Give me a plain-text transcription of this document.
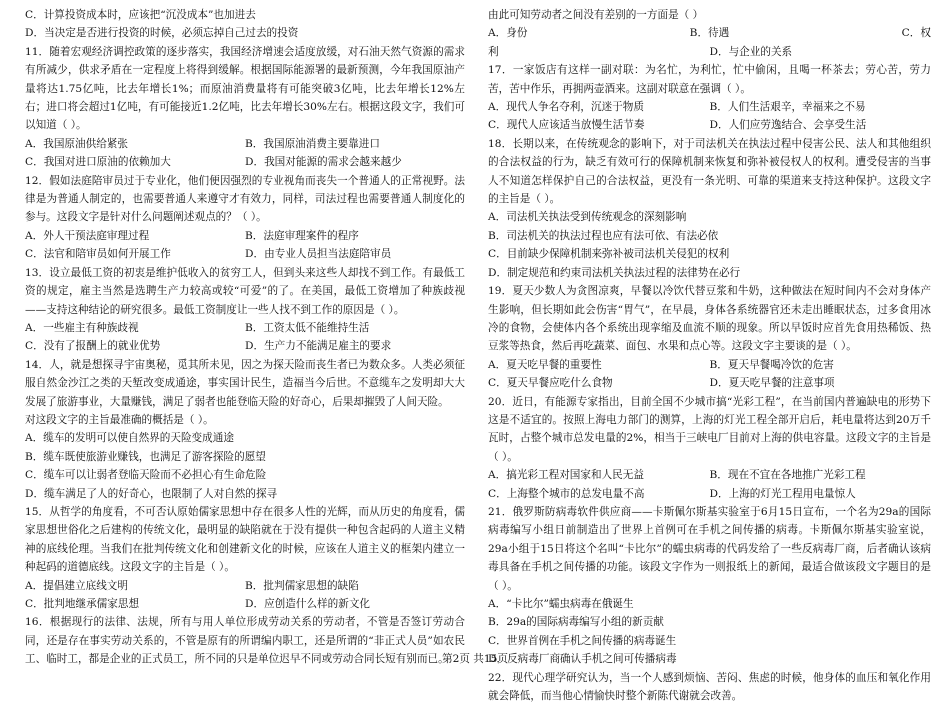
C．计算投资成本时，应该把“沉没成本”也加进去

D．当决定是否进行投资的时候，必须忘掉自己过去的投资

11．随着宏观经济调控政策的逐步落实，我国经济增速会适度放缓，对石油天然气资源的需求有所减少，供求矛盾在一定程度上将得到缓解。根据国际能源署的最新预测，今年我国原油产量将达1.75亿吨，比去年增长1%；而原油消费量将有可能突破3亿吨，比去年增长12%左右；进口将会超过1亿吨，有可能接近1.2亿吨，比去年增长30%左右。根据这段文字，我们可以知道（ ）。

A．我国原油供给紧张	B．我国原油消费主要靠进口
C．我国对进口原油的依赖加大	D．我国对能源的需求会越来越少

12．假如法庭陪审员过于专业化，他们便因强烈的专业视角而丧失一个普通人的正常视野。法律是为普通人制定的，也需要普通人来遵守才有效力，同样，司法过程也需要普通人制度化的参与。这段文字是针对什么问题阐述观点的？（ ）。

A．外人干预法庭审理过程	B．法庭审理案件的程序
C．法官和陪审员如何开展工作	D．由专业人员担当法庭陪审员

13．设立最低工资的初衷是维护低收入的贫穷工人，但到头来这些人却找不到工作。有最低工资的规定，雇主当然是选聘生产力较高或较“可爱”的了。在美国，最低工资增加了种族歧视——支持这种结论的研究很多。最低工资制度让一些人找不到工作的原因是（ ）。

A．一些雇主有种族歧视	B．工资太低不能维持生活
C．没有了报酬上的就业优势	D．生产力不能满足雇主的要求

14．人，就是想探寻宇宙奥秘，觅其所未见，因之为探天险而丧生者已为数众多。人类必须征服自然金沙江之类的天堑改变成通途，事实国计民生，造福当今后世。不意缆车之发明却大大发展了旅游事业，大量赚钱，满足了弱者也能登临天险的好奇心，后果却摧毁了人间天险。

对这段文字的主旨最准确的概括是（ ）。

A．缆车的发明可以使自然界的天险变成通途

B．缆车既使旅游业赚钱，也满足了游客探险的愿望

C．缆车可以让弱者登临天险而不必担心有生命危险

D．缆车满足了人的好奇心，也限制了人对自然的探寻

15．从哲学的角度看，不可否认原始儒家思想中存在很多人性的光辉，而从历史的角度看，儒家思想世俗化之后建构的传统文化，最明显的缺陷就在于没有提供一种包含起码的人道主义精神的底线伦理。当我们在批判传统文化和创建新文化的时候，应该在人道主义的框架内建立一种起码的道德底线。这段文字的主旨是（ ）。

A．提倡建立底线文明	B．批判儒家思想的缺陷
C．批判地继承儒家思想	D．应创造什么样的新文化

16．根据现行的法律、法规，所有与用人单位形成劳动关系的劳动者，不管是否签订劳动合同，还是存在事实劳动关系的，不管是原有的所谓编内职工，还是所谓的“非正式人员”如农民工、临时工，都是企业的正式员工，所不同的只是单位迟早不同或劳动合同长短有别而已。

由此可知劳动者之间没有差别的一方面是（ ）

A．身份	B．待遇	C．权
利	D．与企业的关系

17．一家饭店有这样一副对联：为名忙，为利忙，忙中偷闲，且喝一杯茶去；劳心苦，劳力苦，苦中作乐，再拥两壶酒来。这副对联意在强调（ ）。

A．现代人争名夺利，沉迷于物质	B．人们生活艰辛，幸福来之不易
C．现代人应该适当放慢生活节奏	D．人们应劳逸结合、会享受生活

18．长期以来，在传统观念的影响下，对于司法机关在执法过程中侵害公民、法人和其他组织的合法权益的行为，缺乏有效可行的保障机制来恢复和弥补被侵权人的权利。遭受侵害的当事人不知道怎样保护自己的合法权益，更没有一条光明、可靠的渠道来支持这种保护。这段文字的主旨是（ ）。

A．司法机关执法受到传统观念的深刻影响

B．司法机关的执法过程也应有法可依、有法必依

C．目前缺少保障机制来弥补被司法机关侵犯的权利

D．制定规范和约束司法机关执法过程的法律势在必行

19．夏天少数人为贪图凉爽，早餐以冷饮代替豆浆和牛奶，这种做法在短时间内不会对身体产生影响，但长期如此会伤害“胃气”，在早晨，身体各系统器官还未走出睡眠状态，过多食用冰冷的食物，会使体内各个系统出现挛缩及血流不顺的现象。所以早饭时应首先食用热稀饭、热豆浆等热食，然后再吃蔬菜、面包、水果和点心等。这段文字主要谈的是（ ）。

A．夏天吃早餐的重要性	B．夏天早餐喝冷饮的危害
C．夏天早餐应吃什么食物	D．夏天吃早餐的注意事项

20．近日，有能源专家指出，目前全国不少城市搞“光彩工程”，在当前国内普遍缺电的形势下这是不适宜的。按照上海电力部门的测算，上海的灯光工程全部开启后，耗电量将达到20万千瓦时，占整个城市总发电量的2%，相当于三峡电厂目前对上海的供电容量。这段文字的主旨是（ ）。

A．搞光彩工程对国家和人民无益	B．现在不宜在各地推广光彩工程
C．上海整个城市的总发电量不高	D．上海的灯光工程用电量惊人

21．俄罗斯防病毒软件供应商——卡斯佩尔斯基实验室于6月15日宣布，一个名为29a的国际病毒编写小组日前制造出了世界上首例可在手机之间传播的病毒。卡斯佩尔斯基实验室说，29a小组于15日将这个名叫“卡比尔”的蠕虫病毒的代码发给了一些反病毒厂商，后者确认该病毒具备在手机之间传播的功能。该段文字作为一则报纸上的新闻，最适合做该段文字题目的是（ ）。

A．“卡比尔”蠕虫病毒在俄诞生

B．29a的国际病毒编写小组的新贡献

C．世界首例在手机之间传播的病毒诞生

D．反病毒厂商确认手机之间可传播病毒

22．现代心理学研究认为，当一个人感到烦恼、苦闷、焦虑的时候，他身体的血压和氧化作用就会降低，而当他心情愉快时整个新陈代谢就会改善。

第2页 共15页
